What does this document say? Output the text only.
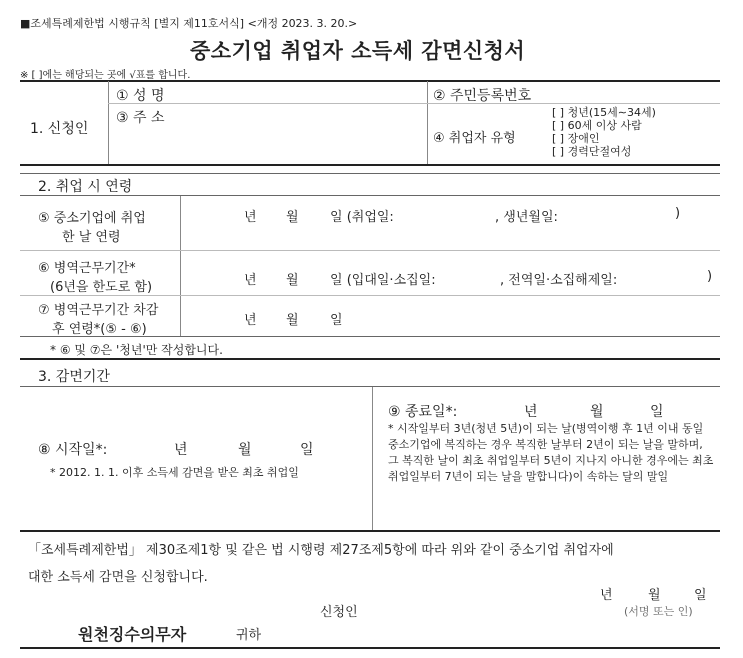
■조세특례제한법 시행규칙 [별지 제11호서식] <개정 2023. 3. 20.>
중소기업 취업자 소득세 감면신청서
※ [ ]에는 해당되는 곳에 √표를 합니다.
1. 신청인
① 성 명	② 주민등록번호
③ 주 소
④ 취업자 유형
[ ] 청년(15세∼34세)
[ ] 60세 이상 사람
[ ] 장애인
[ ] 경력단절여성
2. 취업 시 연령
⑤ 중소기업에 취업
한 날 연령
년 월 일 (취업일:	, 생년월일:	)
⑥ 병역근무기간*
(6년을 한도로 함)	년 월 일 (입대일·소집일:	, 전역일·소집해제일:	)
⑦ 병역근무기간 차감
후 연령*(⑤ - ⑥)
년 월 일
* ⑥ 및 ⑦은 '청년'만 작성합니다.
3. 감면기간
⑧ 시작일*:	년	월	일
* 2012. 1. 1. 이후 소득세 감면을 받은 최초 취업일
⑨ 종료일*:	년	월	일
* 시작일부터 3년(청년 5년)이 되는 날(병역이행 후 1년 이내 동일 중소기업에 복직하는 경우 복직한 날부터 2년이 되는 날을 말하며, 그 복직한 날이 최초 취업일부터 5년이 지나지 아니한 경우에는 최초 취업일부터 7년이 되는 날을 말합니다)이 속하는 달의 말일
「조세특례제한법」 제30조제1항 및 같은 법 시행령 제27조제5항에 따라 위와 같이 중소기업 취업자에
대한 소득세 감면을 신청합니다.
년	월	일
신청인	(서명 또는 인)
원천징수의무자	귀하
